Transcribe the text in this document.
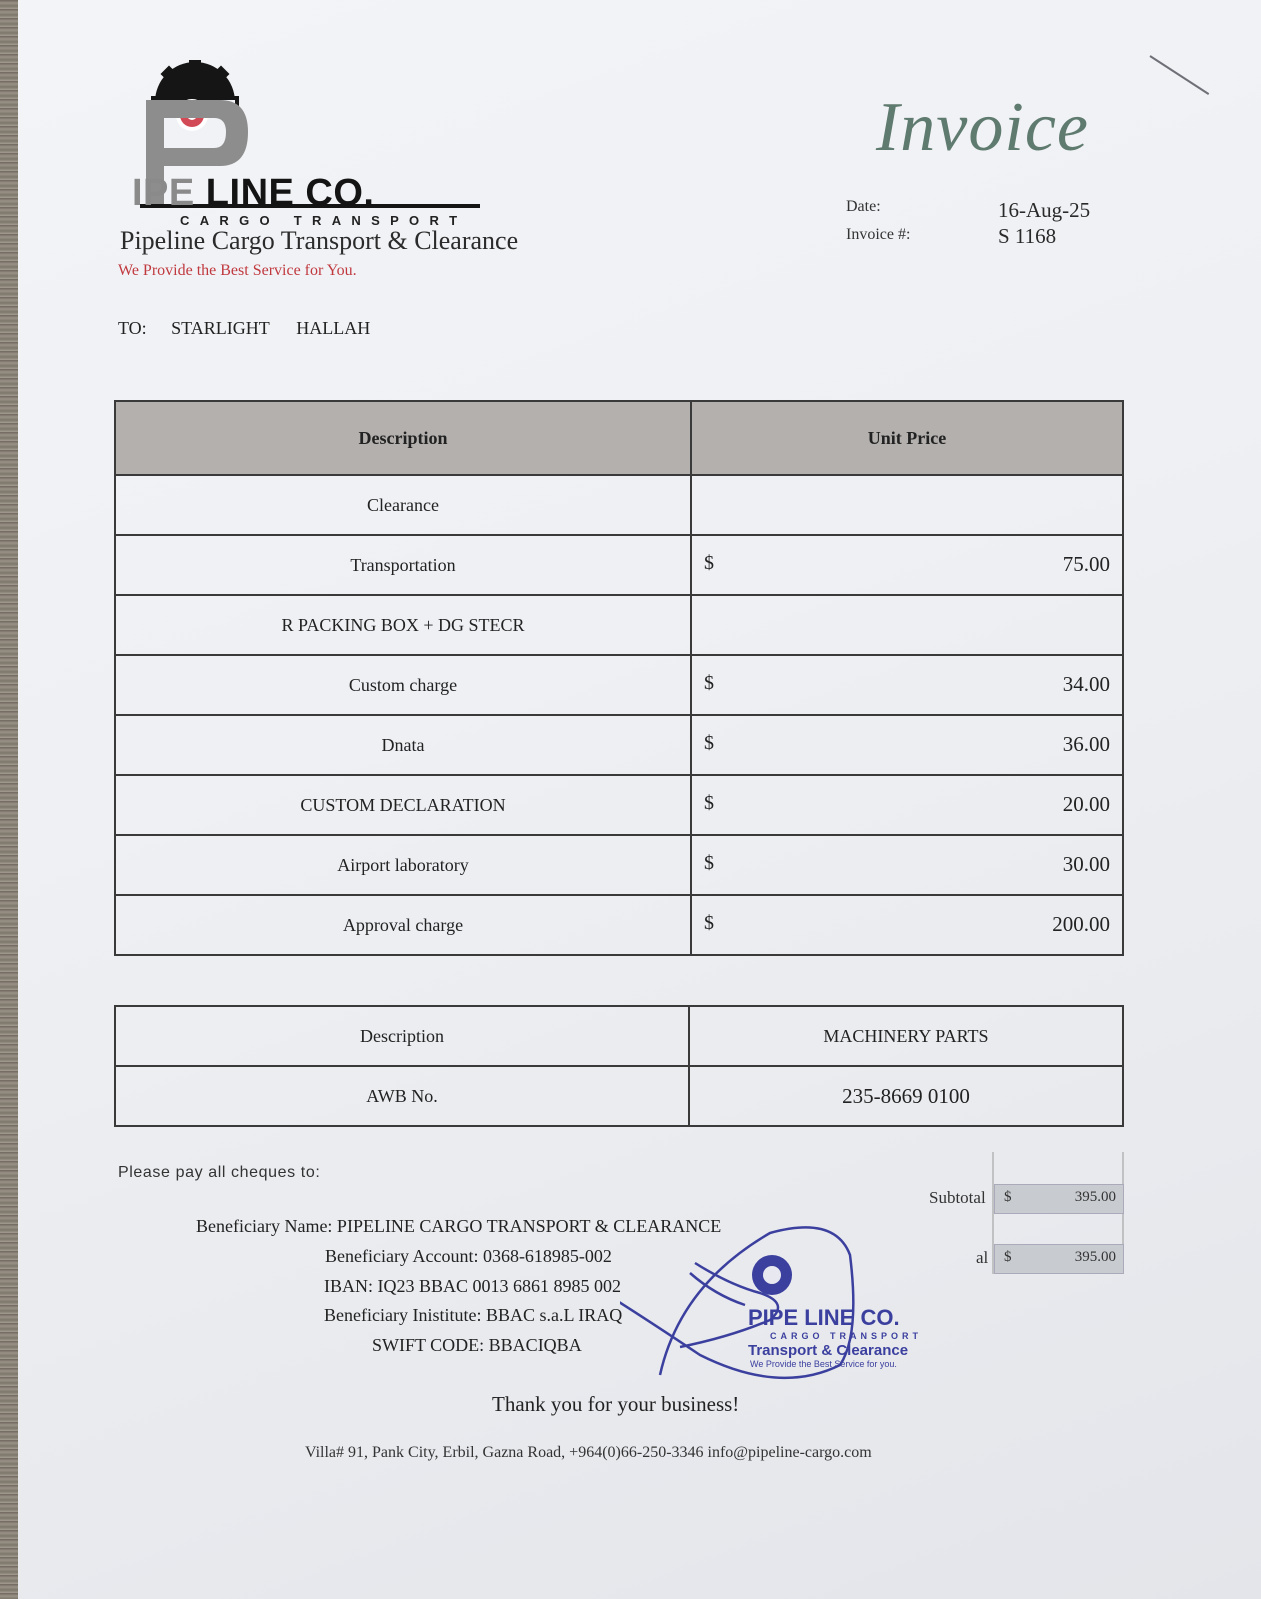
IPE LINE CO.
CARGO TRANSPORT
Pipeline Cargo Transport & Clearance
We Provide the Best Service for You.
Invoice
Date:	16-Aug-25
Invoice #:	S 1168
TO: STARLIGHT HALLAH
Description	Unit Price
Clearance	

Transportation	$ 75.00

R PACKING BOX + DG STECR	

Custom charge	$ 34.00

Dnata	$ 36.00

CUSTOM DECLARATION	$ 20.00

Airport laboratory	$ 30.00

Approval charge	$ 200.00
Description	MACHINERY PARTS
AWB No.	235-8669 0100
Please pay all cheques to:
Beneficiary Name: PIPELINE CARGO TRANSPORT & CLEARANCE
Beneficiary Account: 0368-618985-002
IBAN: IQ23 BBAC 0013 6861 8985 002
Beneficiary Inistitute: BBAC s.a.L IRAQ
SWIFT CODE: BBACIQBA
Subtotal $	395.00
al $	395.00
PIPE LINE CO.
CARGO TRANSPORT
Transport & Clearance
We Provide the Best Service for you.
Thank you for your business!
Villa# 91, Pank City, Erbil, Gazna Road, +964(0)66-250-3346 info@pipeline-cargo.com
